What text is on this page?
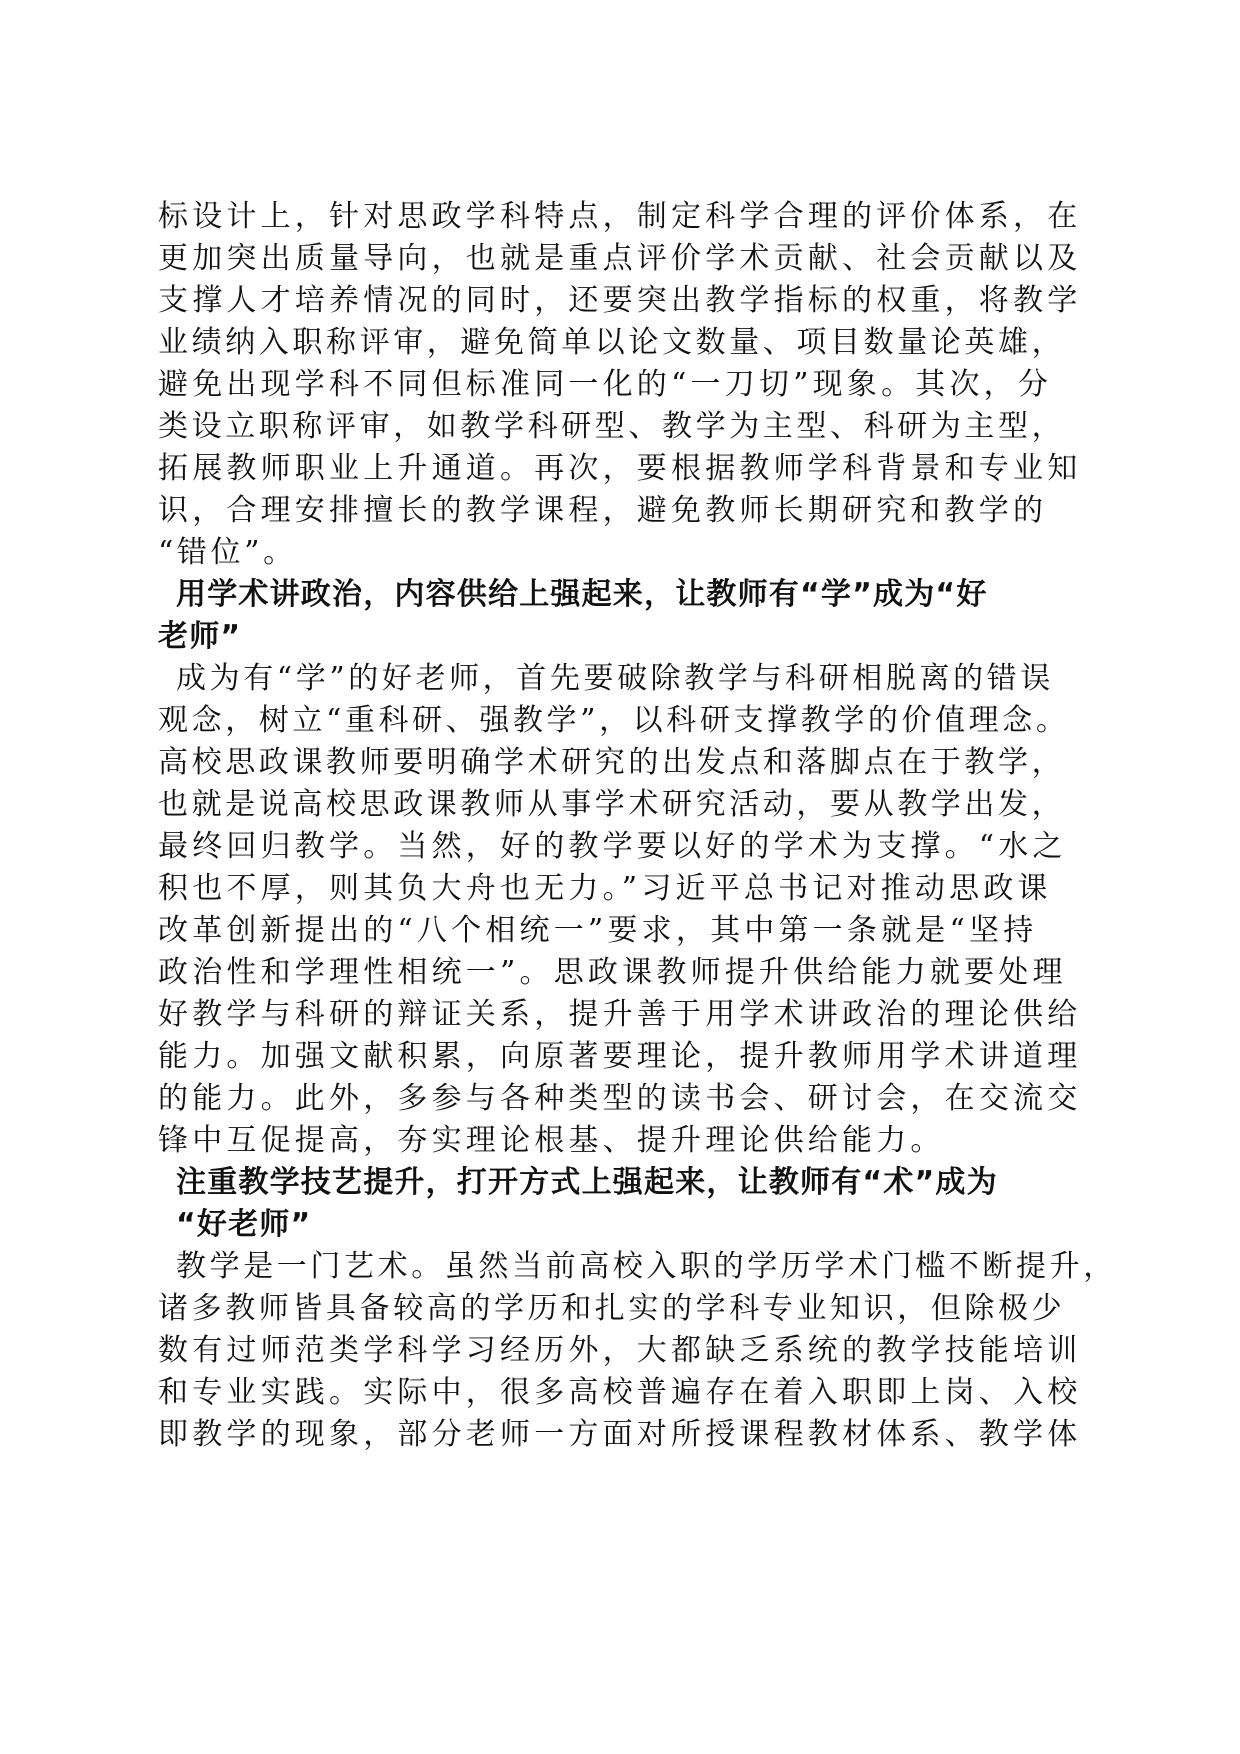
标设计上，针对思政学科特点，制定科学合理的评价体系，在
更加突出质量导向，也就是重点评价学术贡献、社会贡献以及
支撑人才培养情况的同时，还要突出教学指标的权重，将教学
业绩纳入职称评审，避免简单以论文数量、项目数量论英雄，
避免出现学科不同但标准同一化的“一刀切”现象。其次，分
类设立职称评审，如教学科研型、教学为主型、科研为主型，
拓展教师职业上升通道。再次，要根据教师学科背景和专业知
识，合理安排擅长的教学课程，避免教师长期研究和教学的
“错位”。
用学术讲政治，内容供给上强起来，让教师有“学”成为“好
老师”
成为有“学”的好老师，首先要破除教学与科研相脱离的错误
观念，树立“重科研、强教学”，以科研支撑教学的价值理念。
高校思政课教师要明确学术研究的出发点和落脚点在于教学，
也就是说高校思政课教师从事学术研究活动，要从教学出发，
最终回归教学。当然，好的教学要以好的学术为支撑。“水之
积也不厚，则其负大舟也无力。”习近平总书记对推动思政课
改革创新提出的“八个相统一”要求，其中第一条就是“坚持
政治性和学理性相统一”。思政课教师提升供给能力就要处理
好教学与科研的辩证关系，提升善于用学术讲政治的理论供给
能力。加强文献积累，向原著要理论，提升教师用学术讲道理
的能力。此外，多参与各种类型的读书会、研讨会，在交流交
锋中互促提高，夯实理论根基、提升理论供给能力。
注重教学技艺提升，打开方式上强起来，让教师有“术”成为
“好老师”
教学是一门艺术。虽然当前高校入职的学历学术门槛不断提升，
诸多教师皆具备较高的学历和扎实的学科专业知识，但除极少
数有过师范类学科学习经历外，大都缺乏系统的教学技能培训
和专业实践。实际中，很多高校普遍存在着入职即上岗、入校
即教学的现象，部分老师一方面对所授课程教材体系、教学体
